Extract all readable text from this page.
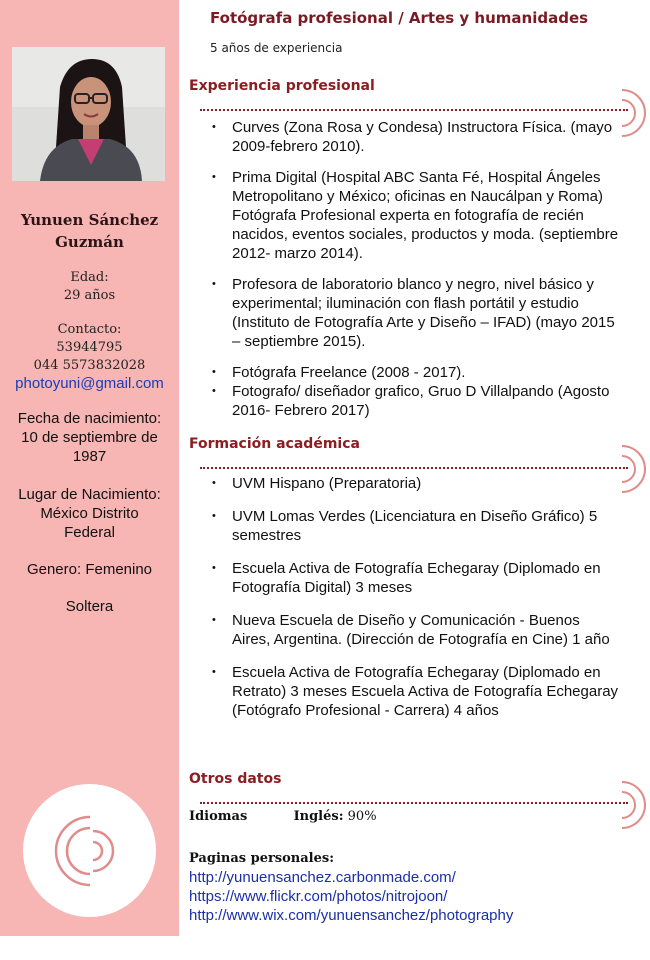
Yunuen Sánchez
Guzmán
Edad:
29 años
Contacto:
53944795
044 5573832028
photoyuni@gmail.com
Fecha de nacimiento:
10 de septiembre de
1987
Lugar de Nacimiento:
México Distrito
Federal
Genero: Femenino
Soltera
Fotógrafa profesional / Artes y humanidades
5 años de experiencia
Experiencia profesional
• Curves (Zona Rosa y Condesa) Instructora Física. (mayo 2009-febrero 2010).
• Prima Digital (Hospital ABC Santa Fé, Hospital Ángeles Metropolitano y México; oficinas en Naucálpan y Roma) Fotógrafa Profesional experta en fotografía de recién nacidos, eventos sociales, productos y moda. (septiembre 2012- marzo 2014).
• Profesora de laboratorio blanco y negro, nivel básico y experimental; iluminación con flash portátil y estudio (Instituto de Fotografía Arte y Diseño – IFAD) (mayo 2015 – septiembre 2015).
• Fotógrafa Freelance (2008 - 2017).
• Fotografo/ diseñador grafico, Gruo D Villalpando (Agosto 2016- Febrero 2017)
Formación académica
• UVM Hispano (Preparatoria)
• UVM Lomas Verdes (Licenciatura en Diseño Gráfico) 5 semestres
• Escuela Activa de Fotografía Echegaray (Diplomado en Fotografía Digital) 3 meses
• Nueva Escuela de Diseño y Comunicación - Buenos Aires, Argentina. (Dirección de Fotografía en Cine) 1 año
• Escuela Activa de Fotografía Echegaray (Diplomado en Retrato) 3 meses Escuela Activa de Fotografía Echegaray (Fotógrafo Profesional - Carrera) 4 años
Otros datos
Idiomas	Inglés: 90%
Paginas personales:
http://yunuensanchez.carbonmade.com/
https://www.flickr.com/photos/nitrojoon/
http://www.wix.com/yunuensanchez/photography
